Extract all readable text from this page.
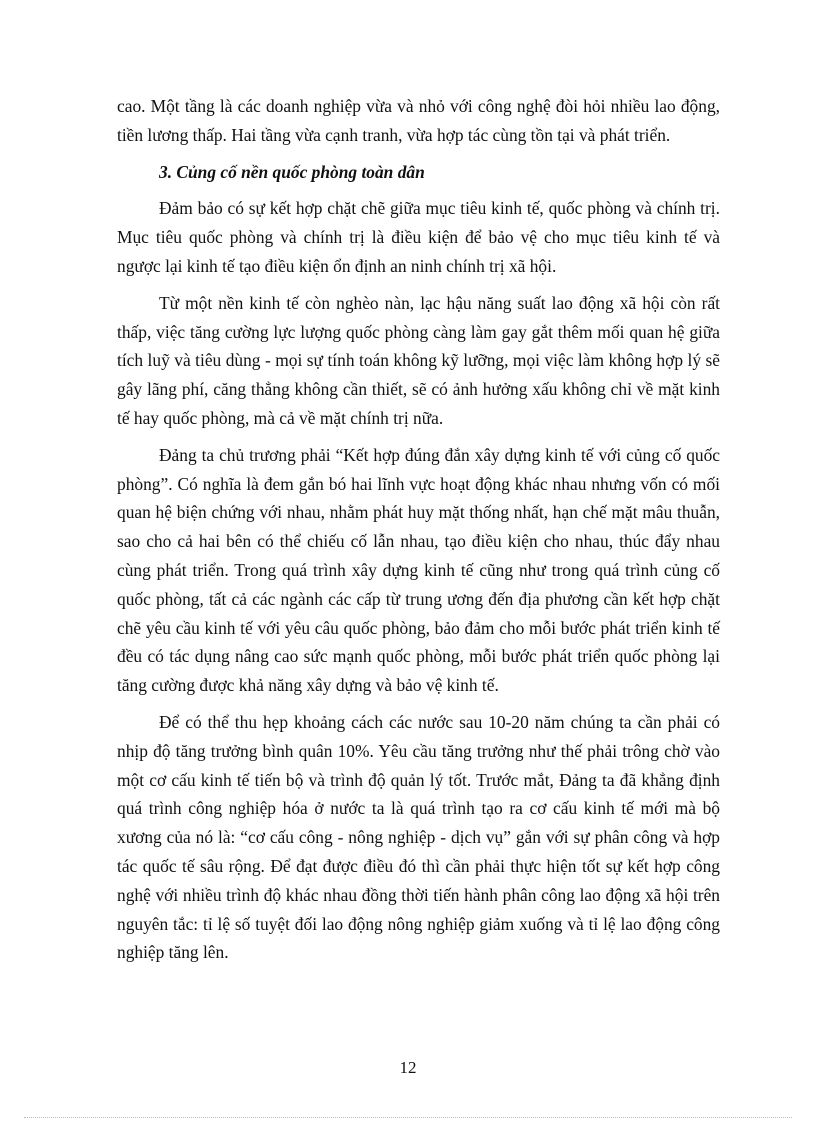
cao. Một tầng là các doanh nghiệp vừa và nhỏ với công nghệ đòi hỏi nhiều lao động, tiền lương thấp. Hai tầng vừa cạnh tranh, vừa hợp tác cùng tồn tại và phát triển.

3. Củng cố nền quốc phòng toàn dân

Đảm bảo có sự kết hợp chặt chẽ giữa mục tiêu kinh tế, quốc phòng và chính trị. Mục tiêu quốc phòng và chính trị là điều kiện để bảo vệ cho mục tiêu kinh tế và ngược lại kinh tế tạo điều kiện ổn định an ninh chính trị xã hội.

Từ một nền kinh tế còn nghèo nàn, lạc hậu năng suất lao động xã hội còn rất thấp, việc tăng cường lực lượng quốc phòng càng làm gay gắt thêm mối quan hệ giữa tích luỹ và tiêu dùng - mọi sự tính toán không kỹ lưỡng, mọi việc làm không hợp lý sẽ gây lãng phí, căng thẳng không cần thiết, sẽ có ảnh hưởng xấu không chỉ về mặt kinh tế hay quốc phòng, mà cả về mặt chính trị nữa.

Đảng ta chủ trương phải “Kết hợp đúng đắn xây dựng kinh tế với củng cố quốc phòng”. Có nghĩa là đem gắn bó hai lĩnh vực hoạt động khác nhau nhưng vốn có mối quan hệ biện chứng với nhau, nhằm phát huy mặt thống nhất, hạn chế mặt mâu thuẫn, sao cho cả hai bên có thể chiếu cố lẫn nhau, tạo điều kiện cho nhau, thúc đẩy nhau cùng phát triển. Trong quá trình xây dựng kinh tế cũng như trong quá trình củng cố quốc phòng, tất cả các ngành các cấp từ trung ương đến địa phương cần kết hợp chặt chẽ yêu cầu kinh tế với yêu câu quốc phòng, bảo đảm cho mỗi bước phát triển kinh tế đều có tác dụng nâng cao sức mạnh quốc phòng, mỗi bước phát triển quốc phòng lại tăng cường được khả năng xây dựng và bảo vệ kinh tế.

Để có thể thu hẹp khoảng cách các nước sau 10-20 năm chúng ta cần phải có nhịp độ tăng trưởng bình quân 10%. Yêu cầu tăng trưởng như thế phải trông chờ vào một cơ cấu kinh tế tiến bộ và trình độ quản lý tốt. Trước mắt, Đảng ta đã khẳng định quá trình công nghiệp hóa ở nước ta là quá trình tạo ra cơ cấu kinh tế mới mà bộ xương của nó là: “cơ cấu công - nông nghiệp - dịch vụ” gắn với sự phân công và hợp tác quốc tế sâu rộng. Để đạt được điều đó thì cần phải thực hiện tốt sự kết hợp công nghệ với nhiều trình độ khác nhau đồng thời tiến hành phân công lao động xã hội trên nguyên tắc: tỉ lệ số tuyệt đối lao động nông nghiệp giảm xuống và tỉ lệ lao động công nghiệp tăng lên.

12
